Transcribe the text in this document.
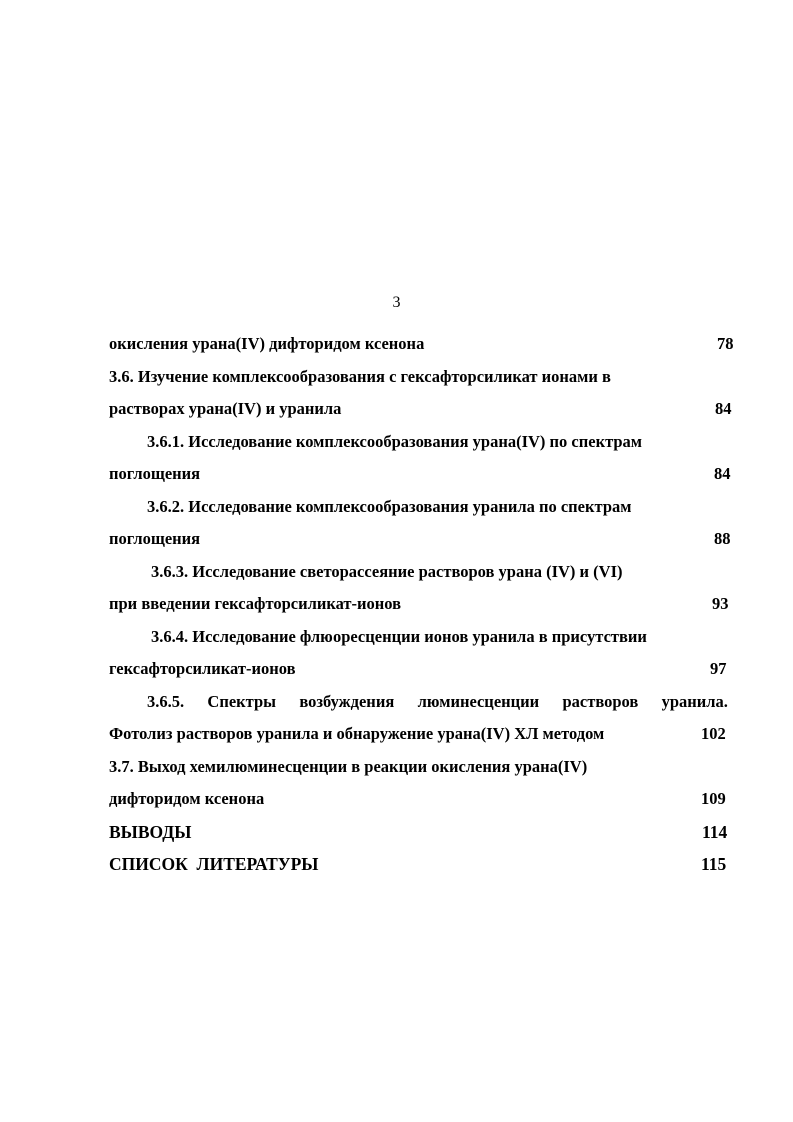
3
окисления урана(IV) дифторидом ксенона	78
3.6. Изучение комплексообразования с гексафторсиликат ионами в
растворах урана(IV) и уранила	84
3.6.1. Исследование комплексообразования урана(IV) по спектрам
поглощения	84
3.6.2. Исследование комплексообразования уранила по спектрам
поглощения	88
3.6.3. Исследование светорассеяние растворов урана (IV) и (VI)
при введении гексафторсиликат-ионов	93
3.6.4. Исследование флюоресценции ионов уранила в присутствии
гексафторсиликат-ионов	97
3.6.5. Спектры возбуждения люминесценции растворов уранила.
Фотолиз растворов уранила и обнаружение урана(IV) ХЛ методом	102
3.7. Выход хемилюминесценции в реакции окисления урана(IV)
дифторидом ксенона	109
ВЫВОДЫ	114
СПИСОК  ЛИТЕРАТУРЫ	115
